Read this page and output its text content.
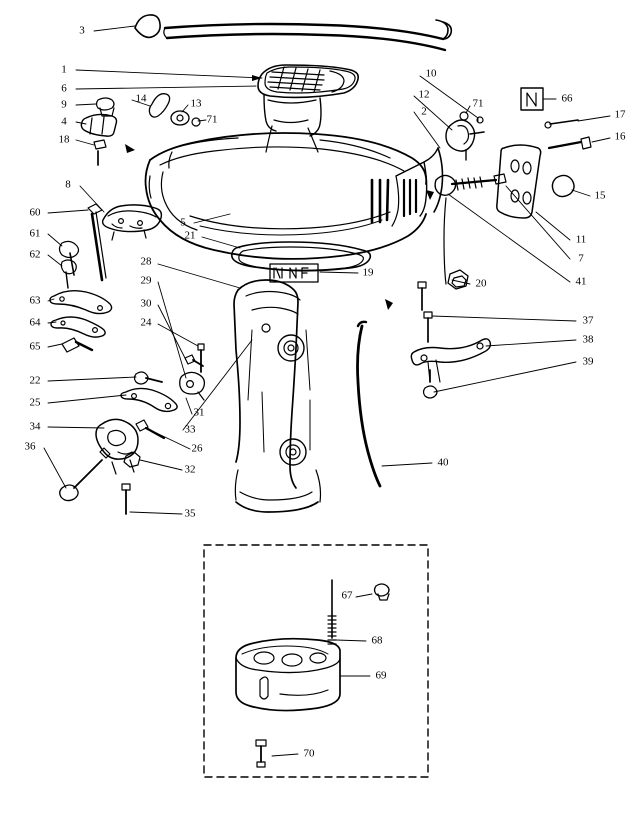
3
1
6
9	14	13
4	71
18
10
12
2
71	66
17
16
15
11
7
41
8
60
61
62
5
21
19
20
63
64
65
28
29
30
24
22
25
31
33
34
26
36
32
35
37
38
39
40
67
68
69
70
